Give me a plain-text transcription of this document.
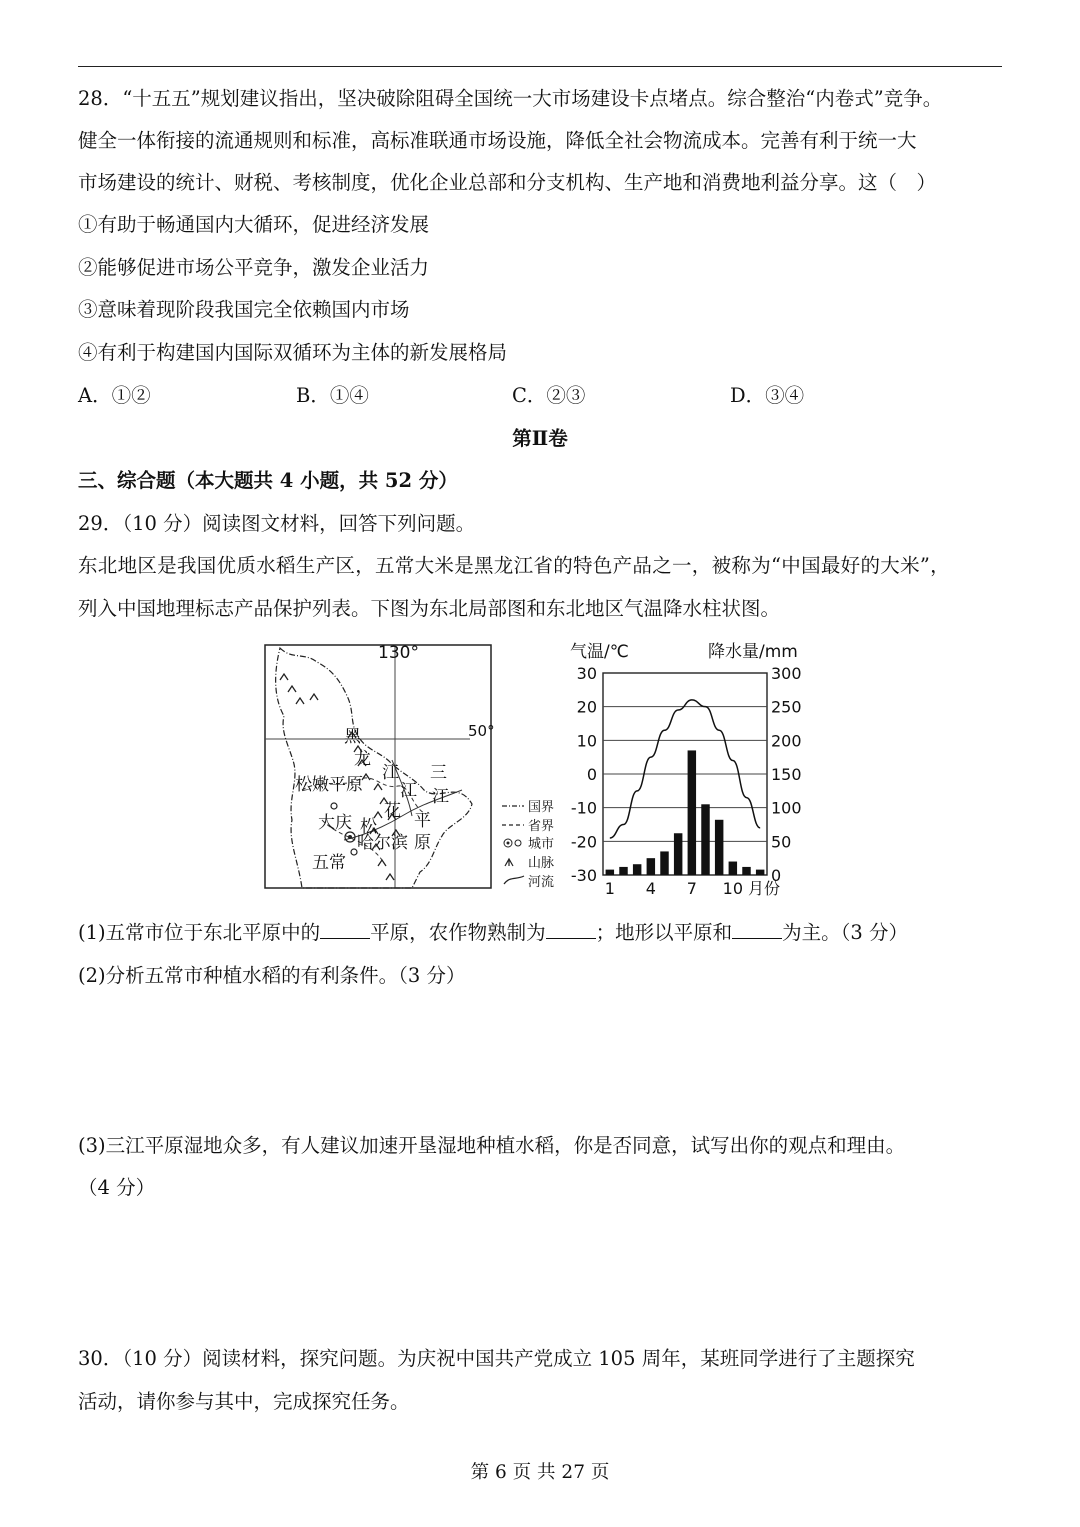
28．“十五五”规划建议指出，坚决破除阻碍全国统一大市场建设卡点堵点。综合整治“内卷式”竞争。
健全一体衔接的流通规则和标准，高标准联通市场设施，降低全社会物流成本。完善有利于统一大
市场建设的统计、财税、考核制度，优化企业总部和分支机构、生产地和消费地利益分享。这（　）
①有助于畅通国内大循环，促进经济发展
②能够促进市场公平竞争，激发企业活力
③意味着现阶段我国完全依赖国内市场
④有利于构建国内国际双循环为主体的新发展格局
A．①②	B．①④	C．②③	D．③④
第Ⅱ卷
三、综合题（本大题共 4 小题，共 52 分）
29．（10 分）阅读图文材料，回答下列问题。
东北地区是我国优质水稻生产区，五常大米是黑龙江省的特色产品之一，被称为“中国最好的大米”，
列入中国地理标志产品保护列表。下图为东北局部图和东北地区气温降水柱状图。
130°
50°
黑
龙
江
松嫩平原 江
三
江
平
原
花
大庆 松
哈尔滨
五常
国界
省界
城市
山脉
河流
气温/℃	降水量/mm
30	300
20	250
10	200
0	150
-10	100
-20	50
-30	0
1 4 7 10 月份
(1)五常市位于东北平原中的	平原，农作物熟制为	；地形以平原和	为主。（3 分）
(2)分析五常市种植水稻的有利条件。（3 分）
(3)三江平原湿地众多，有人建议加速开垦湿地种植水稻，你是否同意，试写出你的观点和理由。
（4 分）
30．（10 分）阅读材料，探究问题。为庆祝中国共产党成立 105 周年，某班同学进行了主题探究
活动，请你参与其中，完成探究任务。
第 6 页 共 27 页
